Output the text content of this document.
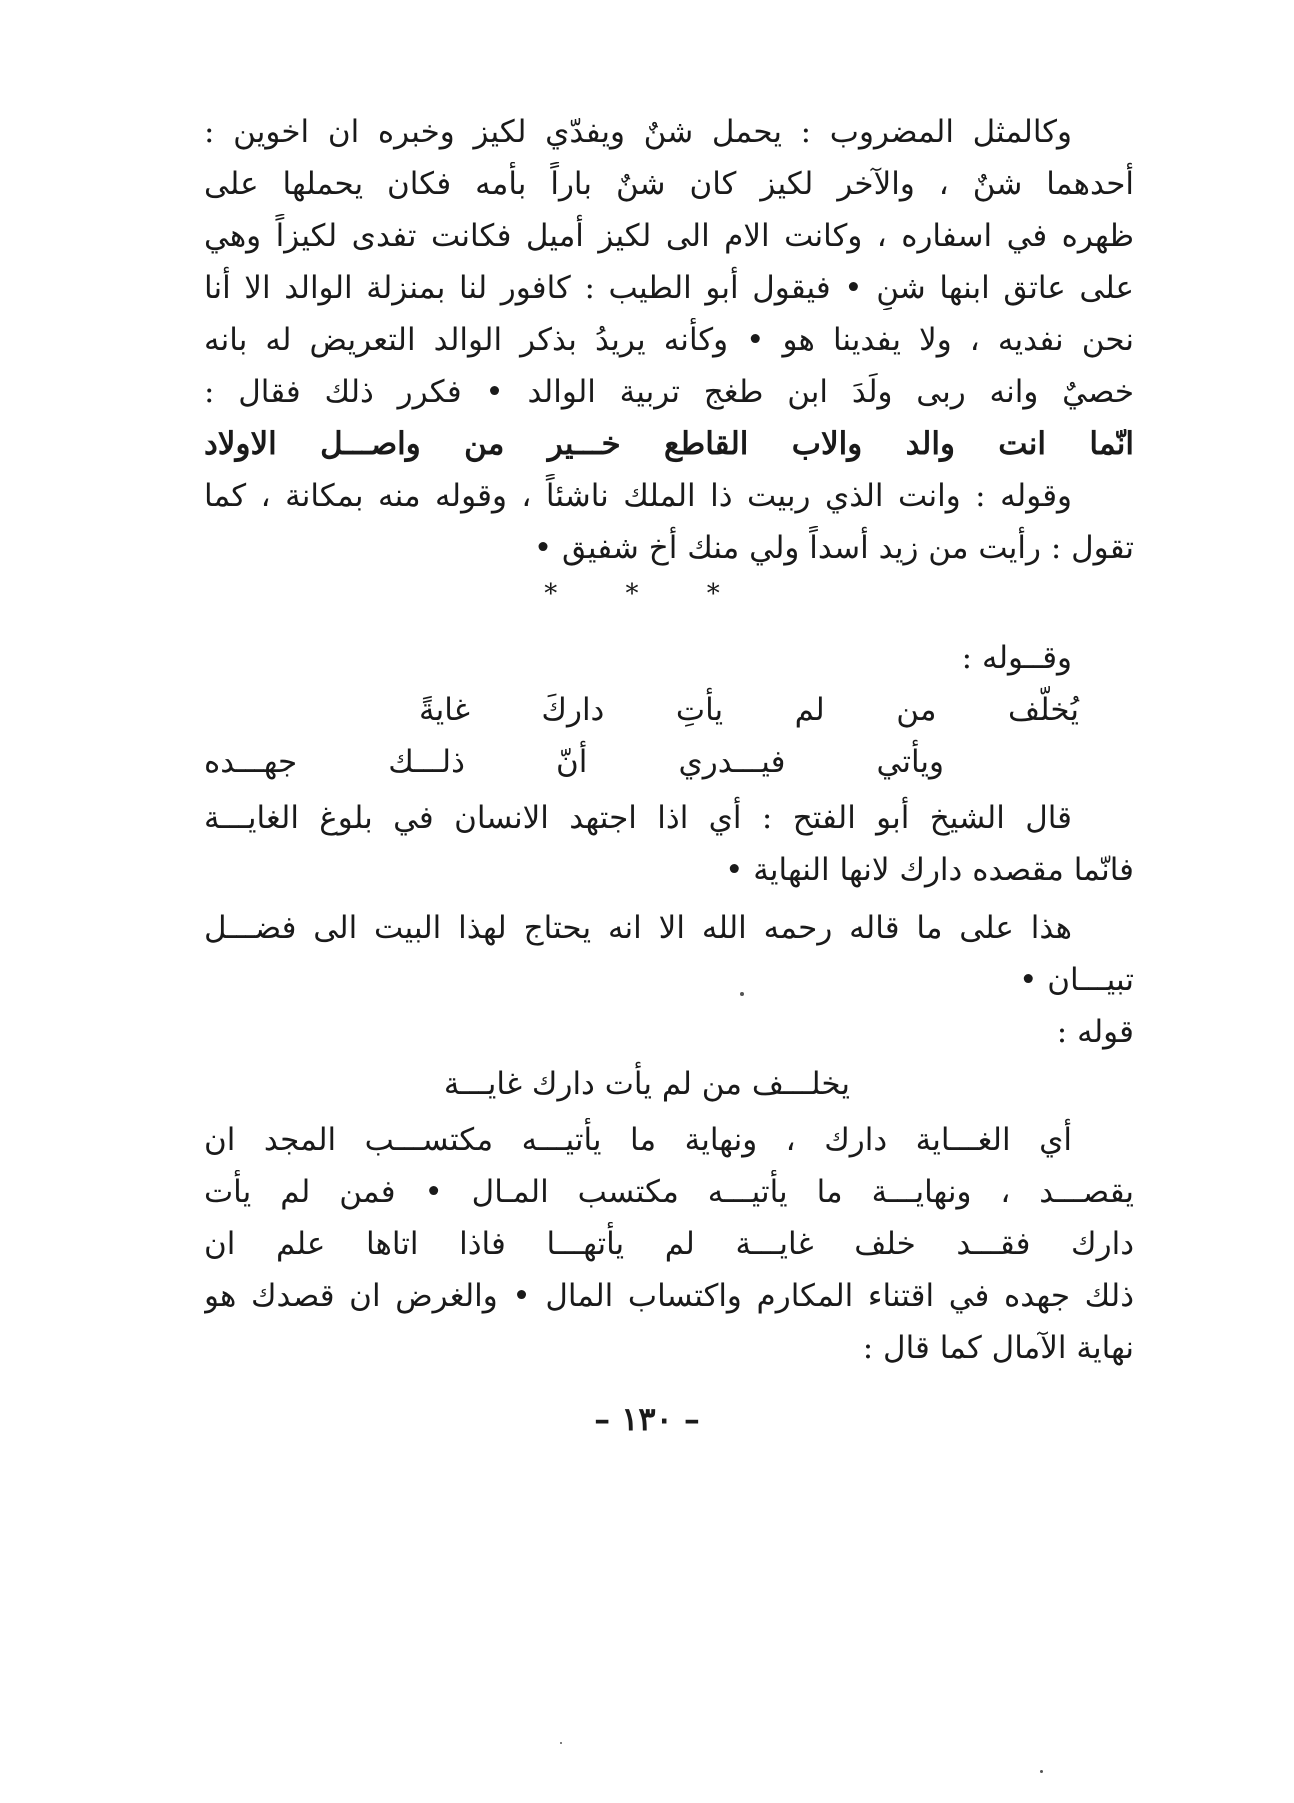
وكالمثل المضروب : يحمل شنٌ ويفدّي لكيز وخبره ان اخوين :
أحدهما شنٌ ، والآخر لكيز كان شنٌ باراً بأمه فكان يحملها على
ظهره في اسفاره ، وكانت الام الى لكيز أميل فكانت تفدى لكيزاً وهي
على عاتق ابنها شنٍ • فيقول أبو الطيب : كافور لنا بمنزلة الوالد الا أنا
نحن نفديه ، ولا يفدينا هو • وكأنه يريدُ بذكر الوالد التعريض له بانه
خصيٌ وانه ربى ولَدَ ابن طغج تربية الوالد • فكرر ذلك فقال :
انّما انت والد والاب القاطع خـــير من واصـــل الاولاد
وقوله : وانت الذي ربيت ذا الملك ناشئاً ، وقوله منه بمكانة ، كما
تقول : رأيت من زيد أسداً ولي منك أخ شفيق •
* * *
وقــوله :
يُخلّف من لم يأتِ داركَ غايةً
ويأتي فيـــدري أنّ ذلـــك جهـــده
قال الشيخ أبو الفتح : أي اذا اجتهد الانسان في بلوغ الغايـــة
فانّما مقصده دارك لانها النهاية •
هذا على ما قاله رحمه الله الا انه يحتاج لهذا البيت الى فضـــل
تبيـــان •
قوله :
يخلـــف من لم يأت دارك غايـــة
أي الغـــاية دارك ، ونهاية ما يأتيـــه مكتســـب المجد ان
يقصـــد ، ونهايـــة ما يأتيـــه مكتسب المـال • فمن لم يأت
دارك فقـــد خلف غايـــة لم يأتهـــا فاذا اتاها علم ان
ذلك جهده في اقتناء المكارم واكتساب المال • والغرض ان قصدك هو
نهاية الآمال كما قال :
– ١٣٠ –
